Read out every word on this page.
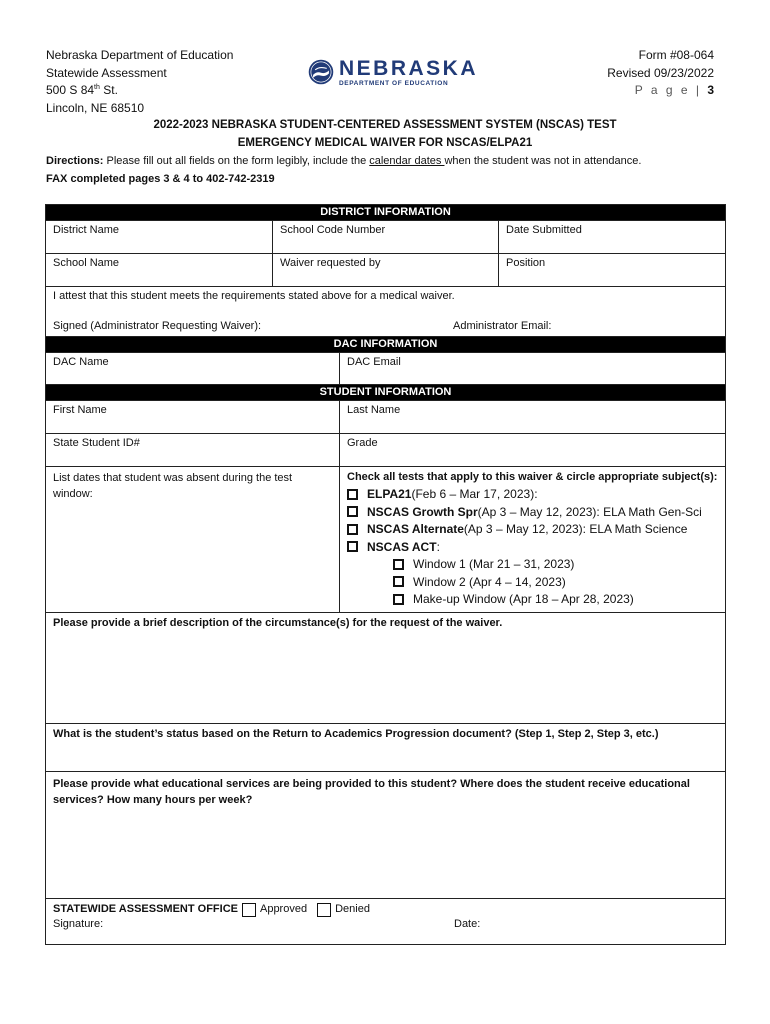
Nebraska Department of Education
Statewide Assessment
500 S 84th St.
Lincoln, NE 68510
NEBRASKA
DEPARTMENT OF EDUCATION
Form #08-064
Revised 09/23/2022
P a g e | 3
2022-2023 NEBRASKA STUDENT-CENTERED ASSESSMENT SYSTEM (NSCAS) TEST
EMERGENCY MEDICAL WAIVER FOR NSCAS/ELPA21
Directions: Please fill out all fields on the form legibly, include the calendar dates when the student was not in attendance.
FAX completed pages 3 & 4 to 402-742-2319
DISTRICT INFORMATION
District Name	School Code Number	Date Submitted
School Name	Waiver requested by	Position
I attest that this student meets the requirements stated above for a medical waiver.
Signed (Administrator Requesting Waiver):	Administrator Email:
DAC INFORMATION
DAC Name	DAC Email
STUDENT INFORMATION
First Name	Last Name
State Student ID#	Grade
List dates that student was absent during the test window:
Check all tests that apply to this waiver & circle appropriate subject(s):
ELPA21 (Feb 6 – Mar 17, 2023):
NSCAS Growth Spr (Ap 3 – May 12, 2023): ELA Math Gen-Sci
NSCAS Alternate (Ap 3 – May 12, 2023): ELA Math Science
NSCAS ACT :
Window 1 (Mar 21 – 31, 2023)
Window 2 (Apr 4 – 14, 2023)
Make-up Window (Apr 18 – Apr 28, 2023)
Please provide a brief description of the circumstance(s) for the request of the waiver.
What is the student’s status based on the Return to Academics Progression document? (Step 1, Step 2, Step 3, etc.)
Please provide what educational services are being provided to this student? Where does the student receive educational services? How many hours per week?
STATEWIDE ASSESSMENT OFFICE Approved	Denied
Signature:	Date:
